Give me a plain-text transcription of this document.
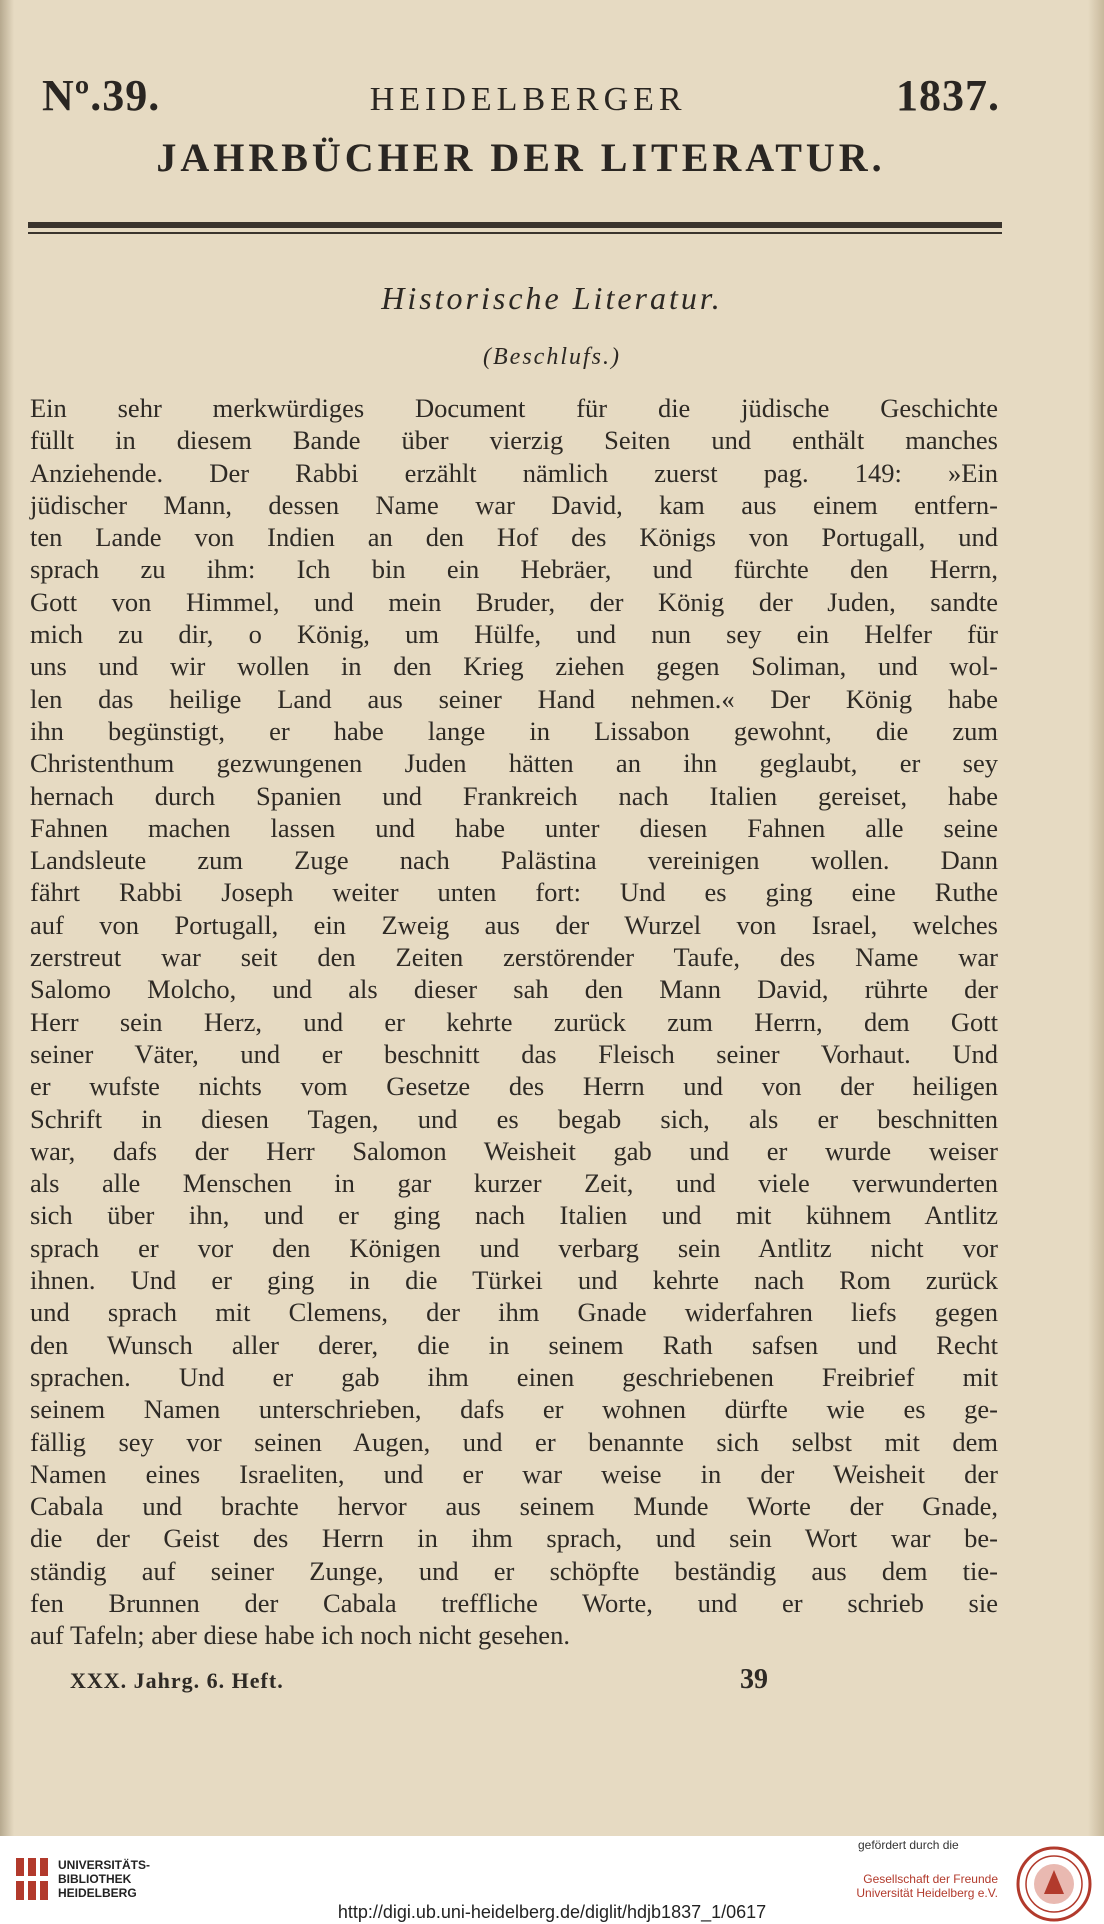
Nº.39.	HEIDELBERGER	1837.
JAHRBÜCHER DER LITERATUR.
Historische Literatur.
(Beschlufs.)
Ein sehr merkwürdiges Document für die jüdische Geschichte
füllt in diesem Bande über vierzig Seiten und enthält manches
Anziehende. Der Rabbi erzählt nämlich zuerst pag. 149: »Ein
jüdischer Mann, dessen Name war David, kam aus einem entfern-
ten Lande von Indien an den Hof des Königs von Portugall, und
sprach zu ihm: Ich bin ein Hebräer, und fürchte den Herrn,
Gott von Himmel, und mein Bruder, der König der Juden, sandte
mich zu dir, o König, um Hülfe, und nun sey ein Helfer für
uns und wir wollen in den Krieg ziehen gegen Soliman, und wol-
len das heilige Land aus seiner Hand nehmen.« Der König habe
ihn begünstigt, er habe lange in Lissabon gewohnt, die zum
Christenthum gezwungenen Juden hätten an ihn geglaubt, er sey
hernach durch Spanien und Frankreich nach Italien gereiset, habe
Fahnen machen lassen und habe unter diesen Fahnen alle seine
Landsleute zum Zuge nach Palästina vereinigen wollen. Dann
fährt Rabbi Joseph weiter unten fort: Und es ging eine Ruthe
auf von Portugall, ein Zweig aus der Wurzel von Israel, welches
zerstreut war seit den Zeiten zerstörender Taufe, des Name war
Salomo Molcho, und als dieser sah den Mann David, rührte der
Herr sein Herz, und er kehrte zurück zum Herrn, dem Gott
seiner Väter, und er beschnitt das Fleisch seiner Vorhaut. Und
er wufste nichts vom Gesetze des Herrn und von der heiligen
Schrift in diesen Tagen, und es begab sich, als er beschnitten
war, dafs der Herr Salomon Weisheit gab und er wurde weiser
als alle Menschen in gar kurzer Zeit, und viele verwunderten
sich über ihn, und er ging nach Italien und mit kühnem Antlitz
sprach er vor den Königen und verbarg sein Antlitz nicht vor
ihnen. Und er ging in die Türkei und kehrte nach Rom zurück
und sprach mit Clemens, der ihm Gnade widerfahren liefs gegen
den Wunsch aller derer, die in seinem Rath safsen und Recht
sprachen. Und er gab ihm einen geschriebenen Freibrief mit
seinem Namen unterschrieben, dafs er wohnen dürfte wie es ge-
fällig sey vor seinen Augen, und er benannte sich selbst mit dem
Namen eines Israeliten, und er war weise in der Weisheit der
Cabala und brachte hervor aus seinem Munde Worte der Gnade,
die der Geist des Herrn in ihm sprach, und sein Wort war be-
ständig auf seiner Zunge, und er schöpfte beständig aus dem tie-
fen Brunnen der Cabala treffliche Worte, und er schrieb sie
auf Tafeln; aber diese habe ich noch nicht gesehen.
XXX. Jahrg. 6. Heft.	39
UNIVERSITÄTS-
BIBLIOTHEK
HEIDELBERG
http://digi.ub.uni-heidelberg.de/diglit/hdjb1837_1/0617
gefördert durch die
Gesellschaft der Freunde
Universität Heidelberg e.V.
